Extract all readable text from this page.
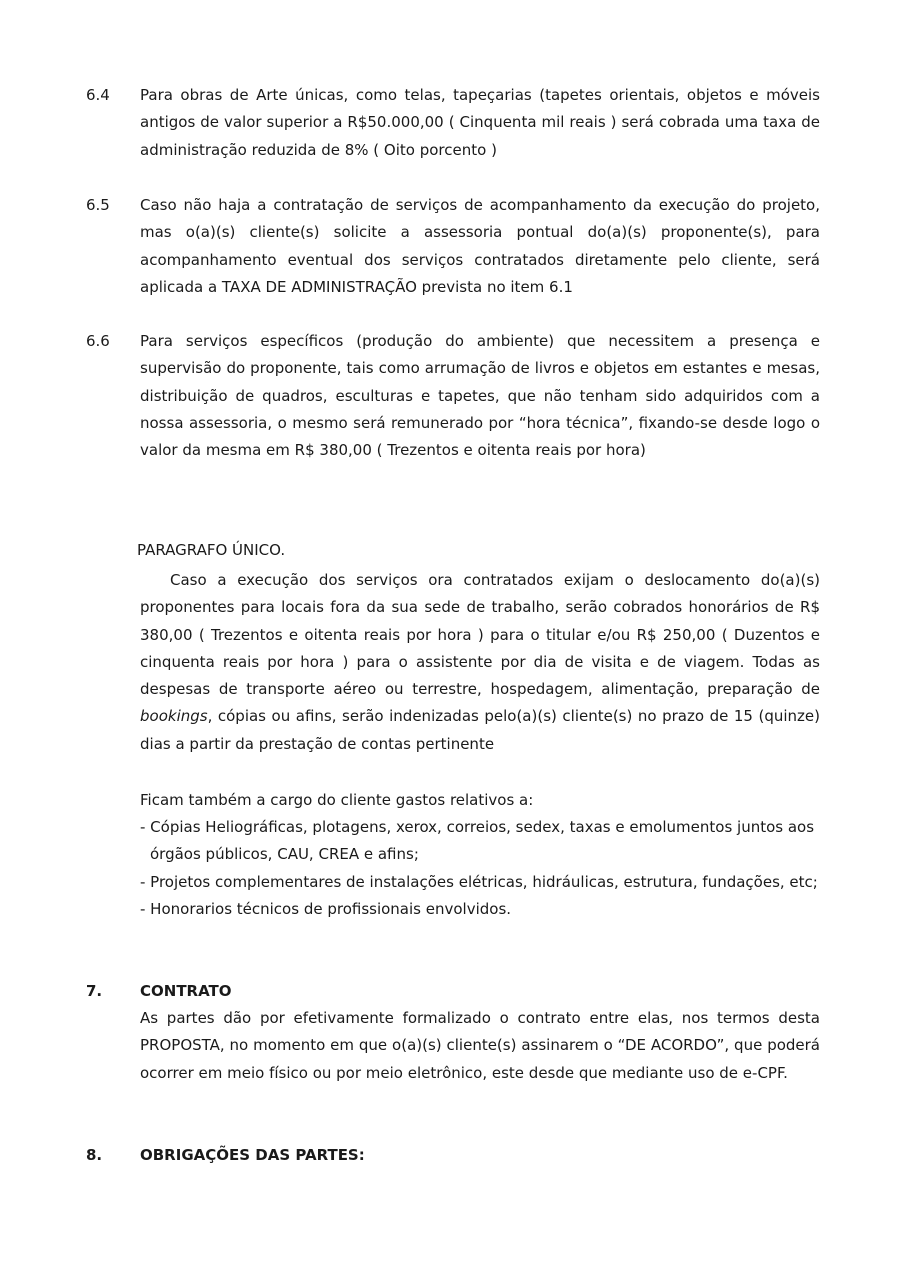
6.4	Para obras de Arte únicas, como telas, tapeçarias (tapetes orientais, objetos e móveis antigos de valor superior a R$50.000,00 ( Cinquenta mil reais ) será cobrada uma taxa de administração reduzida de 8% ( Oito porcento )
6.5	Caso não haja a contratação de serviços de acompanhamento da execução do projeto, mas o(a)(s) cliente(s) solicite a assessoria pontual do(a)(s) proponente(s), para acompanhamento eventual dos serviços contratados diretamente pelo cliente, será aplicada a TAXA DE ADMINISTRAÇÃO prevista no item 6.1
6.6	Para serviços específicos (produção do ambiente) que necessitem a presença e supervisão do proponente, tais como arrumação de livros e objetos em estantes e mesas, distribuição de quadros, esculturas e tapetes, que não tenham sido adquiridos com a nossa assessoria, o mesmo será remunerado por “hora técnica”, fixando-se desde logo o valor da mesma em R$ 380,00 ( Trezentos e oitenta reais por hora)
PARAGRAFO ÚNICO.
Caso a execução dos serviços ora contratados exijam o deslocamento do(a)(s) proponentes para locais fora da sua sede de trabalho, serão cobrados honorários de R$ 380,00 ( Trezentos e oitenta reais por hora ) para o titular e/ou R$ 250,00 ( Duzentos e cinquenta reais por hora ) para o assistente por dia de visita e de viagem. Todas as despesas de transporte aéreo ou terrestre, hospedagem, alimentação, preparação de bookings, cópias ou afins, serão indenizadas pelo(a)(s) cliente(s) no prazo de 15 (quinze) dias a partir da prestação de contas pertinente
Ficam também a cargo do cliente gastos relativos a:
- Cópias Heliográficas, plotagens, xerox, correios, sedex, taxas e emolumentos juntos aos órgãos públicos, CAU, CREA e afins;
- Projetos complementares de instalações elétricas, hidráulicas, estrutura, fundações, etc;
- Honorarios técnicos de profissionais envolvidos.
7.	CONTRATO
As partes dão por efetivamente formalizado o contrato entre elas, nos termos desta PROPOSTA, no momento em que o(a)(s) cliente(s) assinarem o “DE ACORDO”, que poderá ocorrer em meio físico ou por meio eletrônico, este desde que mediante uso de e-CPF.
8.	OBRIGAÇÕES DAS PARTES:
